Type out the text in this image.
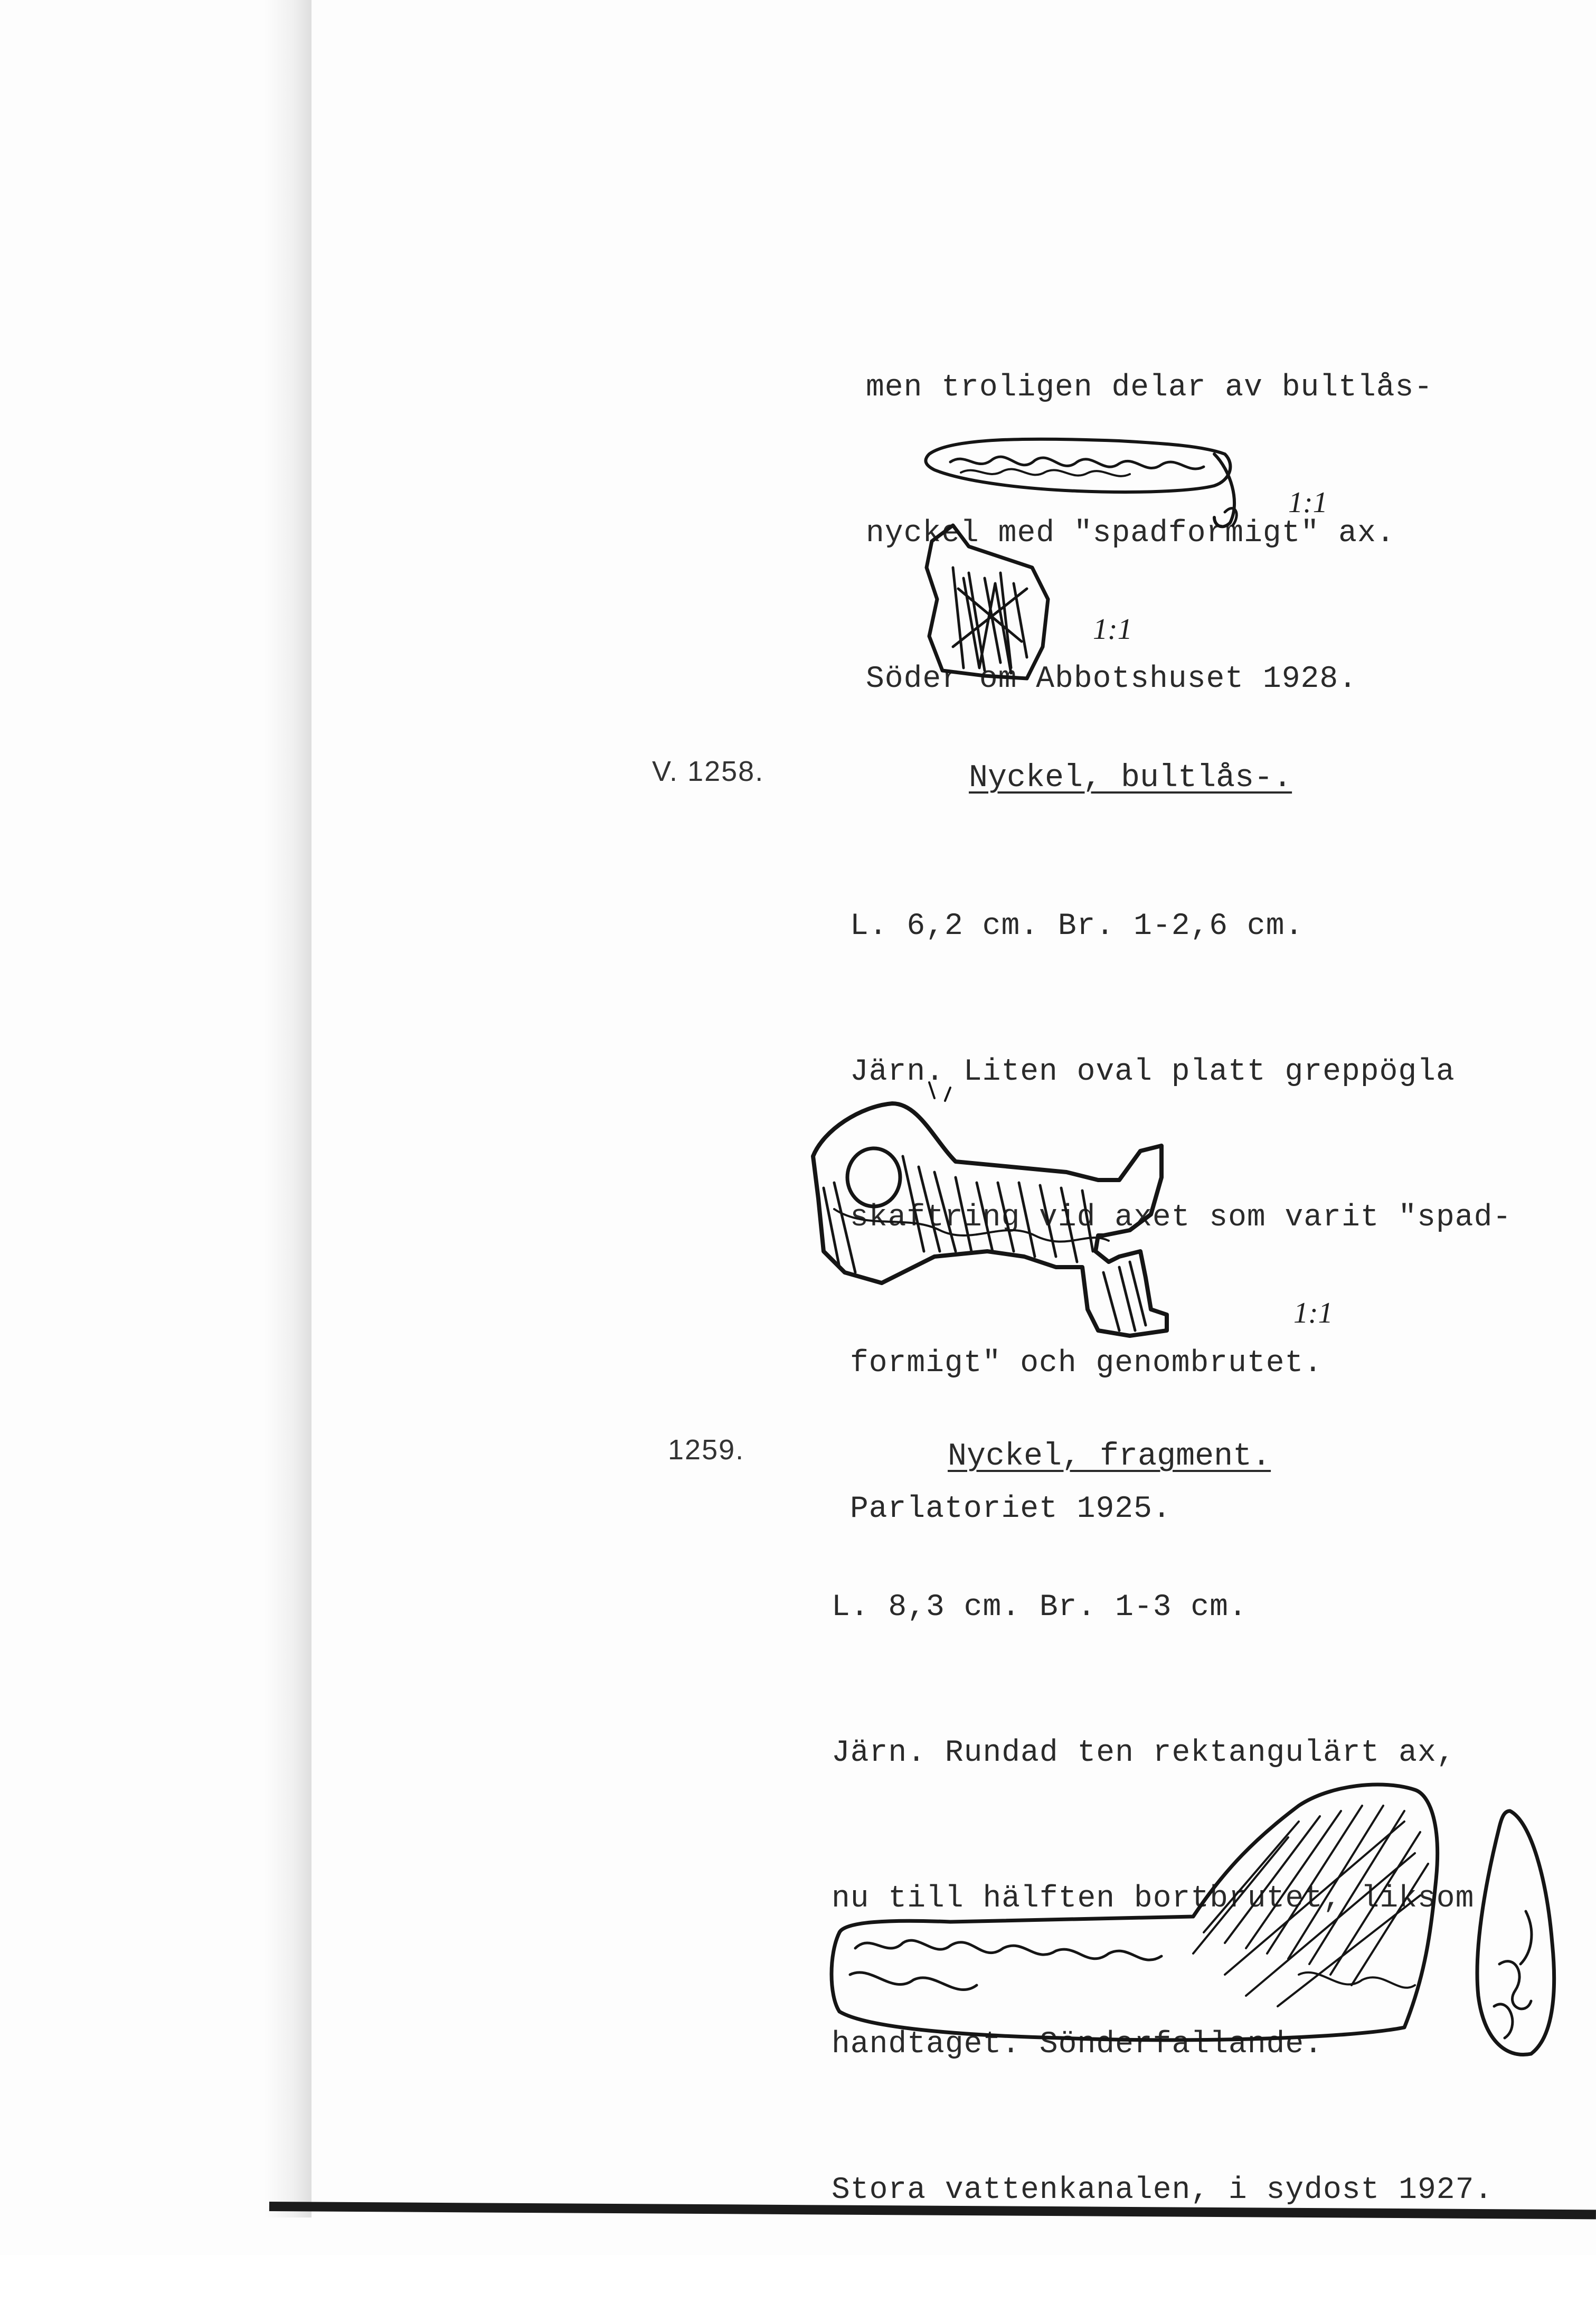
men troligen delar av bultlås-

nyckel med "spadformigt" ax.

Söder om Abbotshuset 1928.

1:1
1:1
V. 1258.	Nyckel, bultlås-.

L. 6,2 cm. Br. 1-2,6 cm.

Järn. Liten oval platt greppögla

skaftring vid axet som varit "spad-

formigt" och genombrutet.

Parlatoriet 1925.

1:1
1259.	Nyckel, fragment.

L. 8,3 cm. Br. 1-3 cm.

Järn. Rundad ten rektangulärt ax,

nu till hälften bortbrutet, liksom

handtaget. Sönderfallande.

Stora vattenkanalen, i sydost 1927.
